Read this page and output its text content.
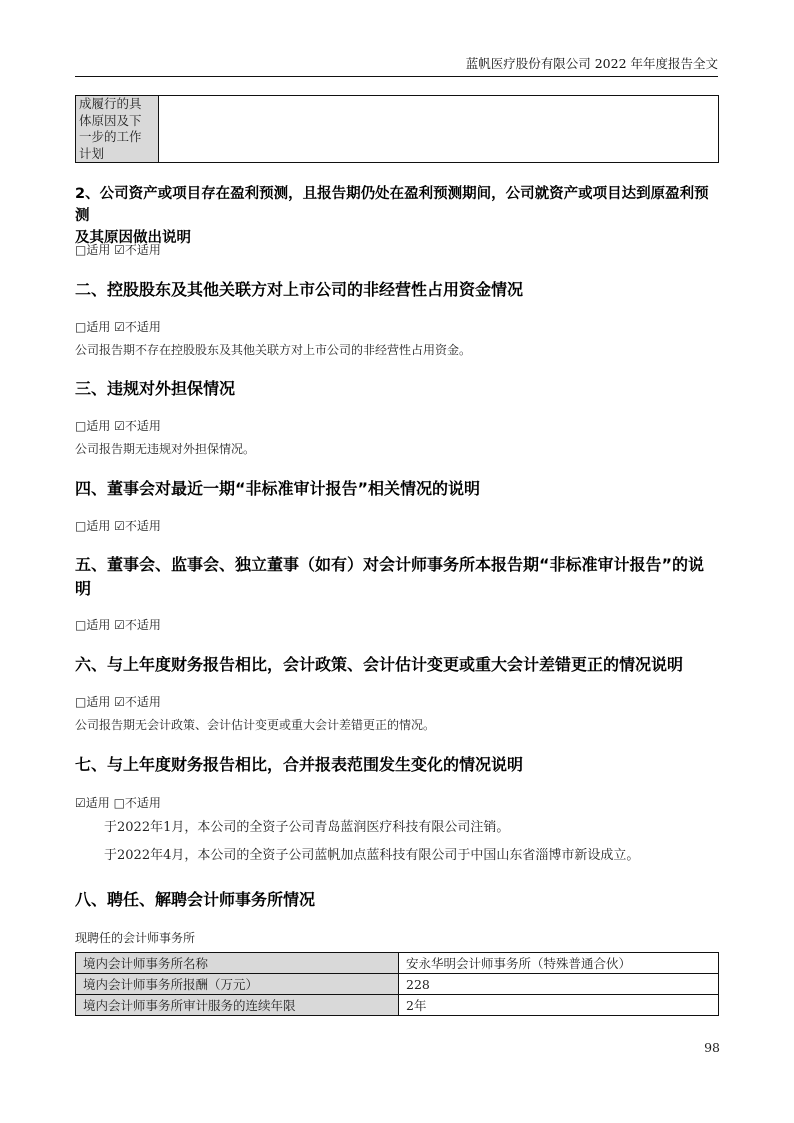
蓝帆医疗股份有限公司 2022 年年度报告全文
成履行的具
体原因及下
一步的工作
计划

2、公司资产或项目存在盈利预测，且报告期仍处在盈利预测期间，公司就资产或项目达到原盈利预测
及其原因做出说明
□适用 ☑不适用
二、控股股东及其他关联方对上市公司的非经营性占用资金情况
□适用 ☑不适用
公司报告期不存在控股股东及其他关联方对上市公司的非经营性占用资金。
三、违规对外担保情况
□适用 ☑不适用
公司报告期无违规对外担保情况。
四、董事会对最近一期“非标准审计报告”相关情况的说明
□适用 ☑不适用
五、董事会、监事会、独立董事（如有）对会计师事务所本报告期“非标准审计报告”的说
明
□适用 ☑不适用
六、与上年度财务报告相比，会计政策、会计估计变更或重大会计差错更正的情况说明
□适用 ☑不适用
公司报告期无会计政策、会计估计变更或重大会计差错更正的情况。
七、与上年度财务报告相比，合并报表范围发生变化的情况说明
☑适用 □不适用
于2022年1月，本公司的全资子公司青岛蓝润医疗科技有限公司注销。
于2022年4月，本公司的全资子公司蓝帆加点蓝科技有限公司于中国山东省淄博市新设成立。
八、聘任、解聘会计师事务所情况
现聘任的会计师事务所
境内会计师事务所名称	安永华明会计师事务所（特殊普通合伙）
境内会计师事务所报酬（万元）	228
境内会计师事务所审计服务的连续年限	2年
98
